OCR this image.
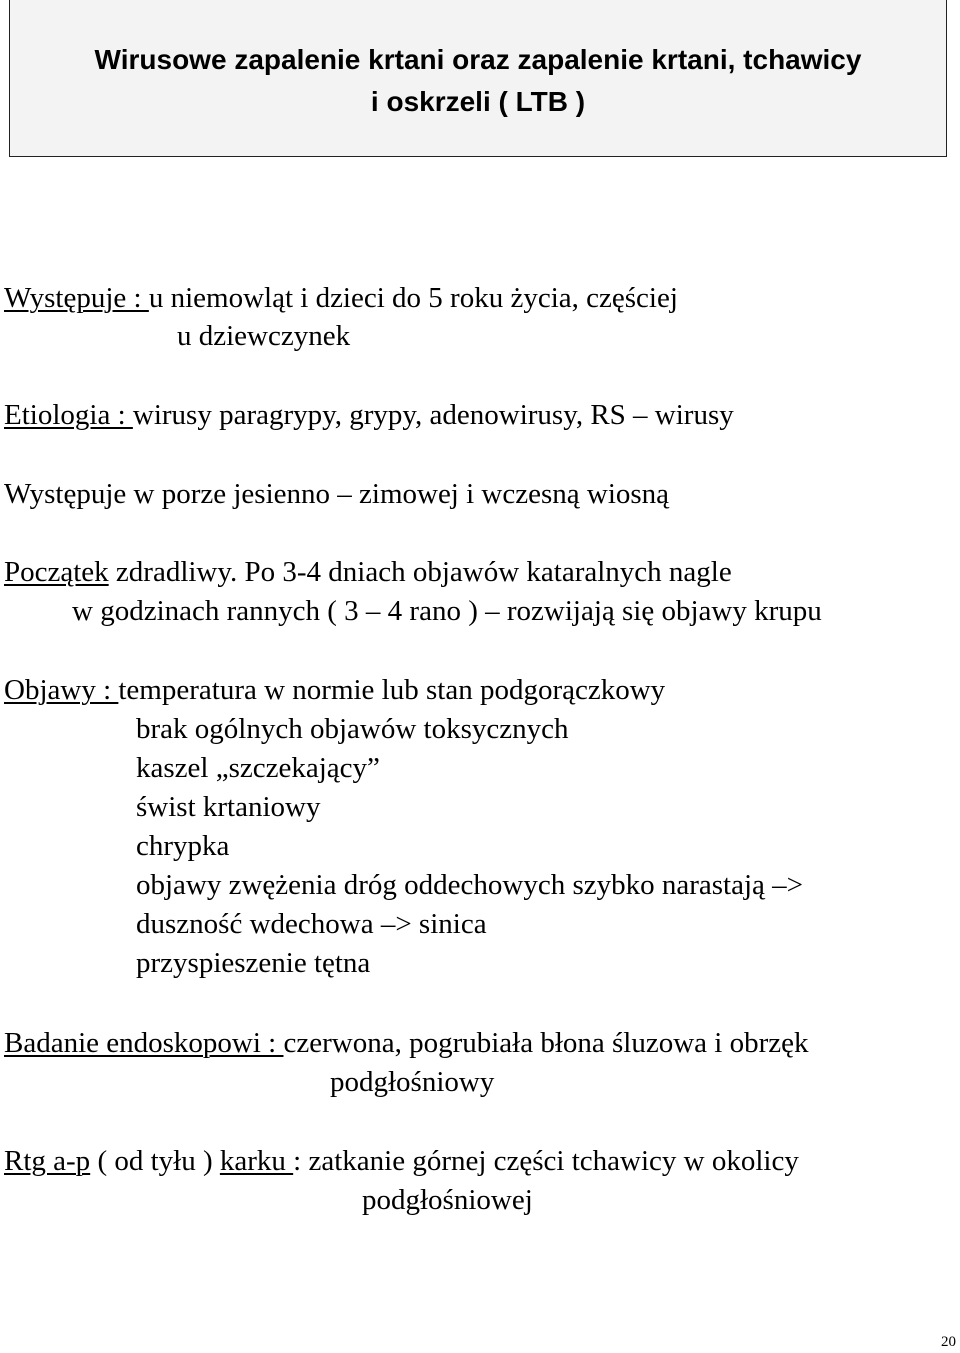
Wirusowe zapalenie krtani oraz zapalenie krtani, tchawicy
i oskrzeli ( LTB )
Występuje : u niemowląt i dzieci do 5 roku życia, częściej
u dziewczynek
Etiologia : wirusy paragrypy, grypy, adenowirusy, RS – wirusy
Występuje w porze jesienno – zimowej i wczesną wiosną
Początek zdradliwy. Po 3-4 dniach objawów kataralnych nagle
w godzinach rannych ( 3 – 4 rano ) – rozwijają się objawy krupu
Objawy : temperatura w normie lub stan podgorączkowy
brak ogólnych objawów toksycznych
kaszel „szczekający”
świst krtaniowy
chrypka
objawy zwężenia dróg oddechowych szybko narastają –>
duszność wdechowa –> sinica
przyspieszenie tętna
Badanie endoskopowi : czerwona, pogrubiała błona śluzowa i obrzęk
podgłośniowy
Rtg a-p ( od tyłu ) karku : zatkanie górnej części tchawicy w okolicy
podgłośniowej
20
